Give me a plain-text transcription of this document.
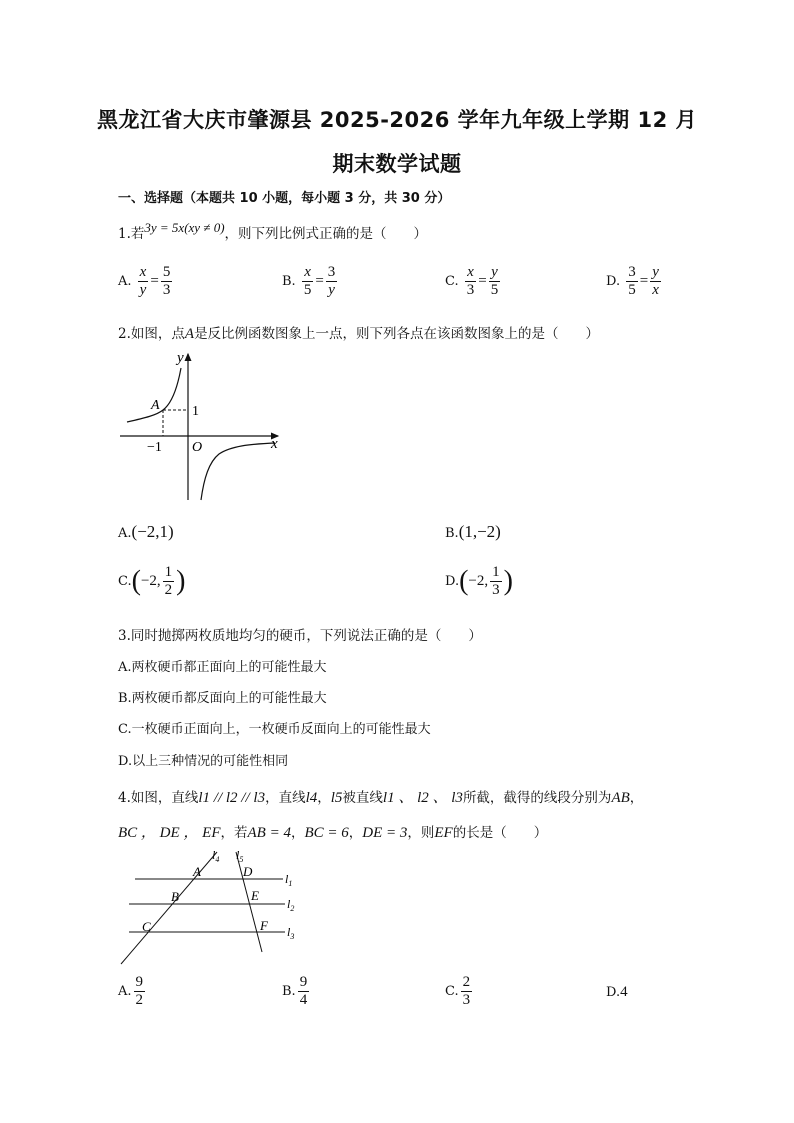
黑龙江省大庆市肇源县 2025-2026 学年九年级上学期 12 月
期末数学试题
一、选择题（本题共 10 小题，每小题 3 分，共 30 分）
1.若3y = 5x(xy ≠ 0)，则下列比例式正确的是（　　）
A. $\frac{x}{y} = \frac{5}{3}$	B. $\frac{x}{5} = \frac{3}{y}$	C. $\frac{x}{3} = \frac{y}{5}$	D. $\frac{3}{5} = \frac{y}{x}$
2.如图，点A是反比例函数图象上一点，则下列各点在该函数图象上的是（　　）
y
x
A 1
−1 O
A.(−2,1)	B.(1,−2)
C.(−2, $\frac{1}{2}$ )	D.(−2, $\frac{1}{3}$ )
3.同时抛掷两枚质地均匀的硬币，下列说法正确的是（　　）
A.两枚硬币都正面向上的可能性最大
B.两枚硬币都反面向上的可能性最大
C.一枚硬币正面向上，一枚硬币反面向上的可能性最大
D.以上三种情况的可能性相同
4.如图，直线l1 // l2 // l3，直线l4，l5被直线l1 、 l2 、 l3所截，截得的线段分别为AB，
BC ， DE ， EF，若AB = 4，BC = 6，DE = 3，则EF的长是（　　）
$l_4$ $l_5$
$l_1$
$l_2$
$l_3$
A
B
C
D
E
F
A. $\frac{9}{2}$	B. $\frac{9}{4}$	C. $\frac{2}{3}$	D.4
